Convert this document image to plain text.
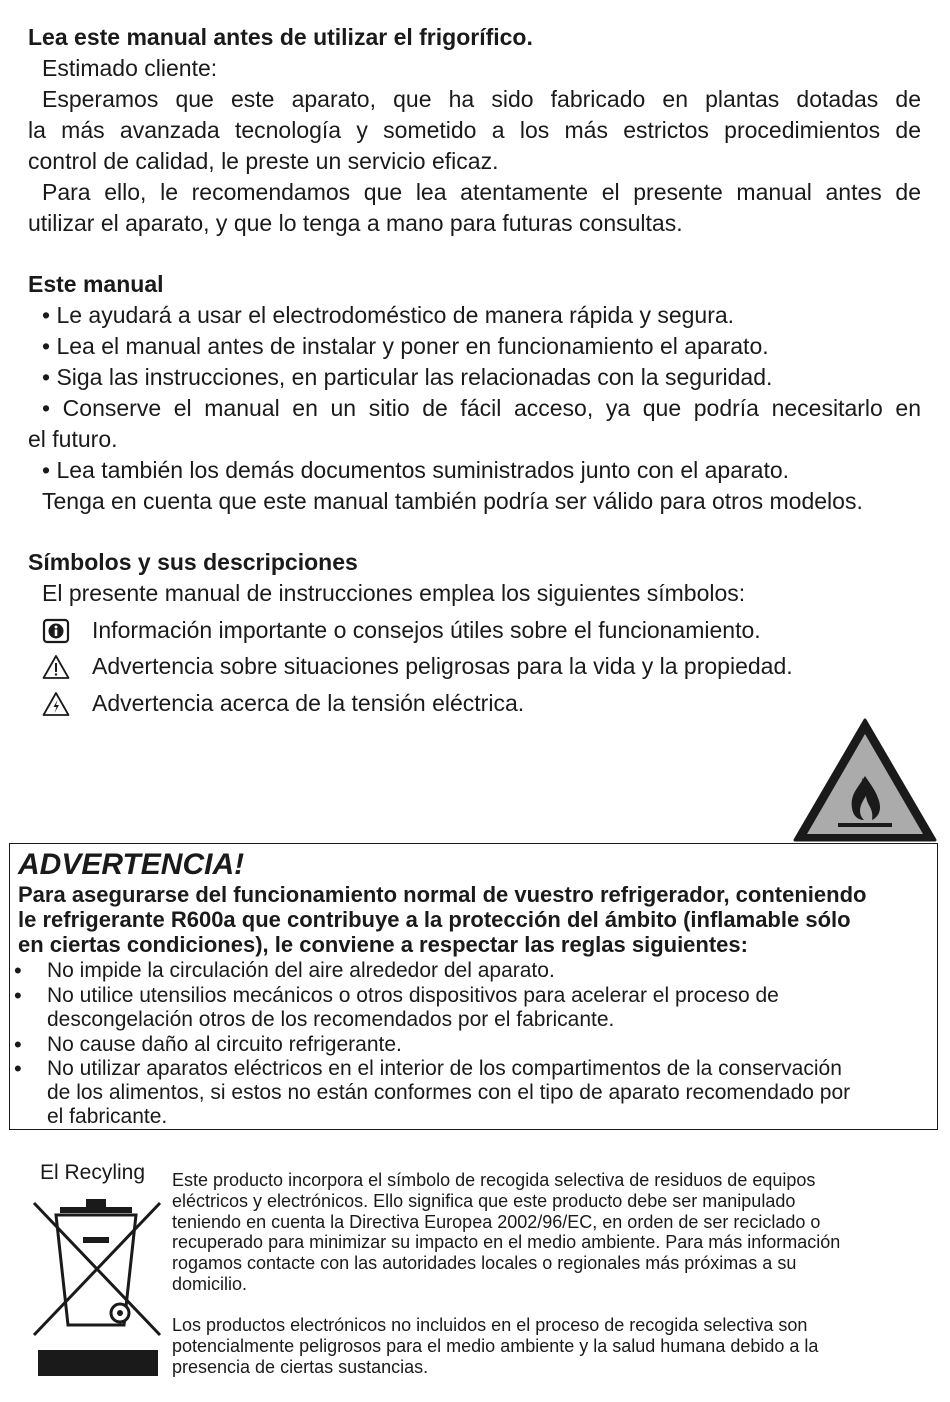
Lea este manual antes de utilizar el frigorífico.
Estimado cliente:
Esperamos que este aparato, que ha sido fabricado en plantas dotadas de
la más avanzada tecnología y sometido a los más estrictos procedimientos de
control de calidad, le preste un servicio eficaz.
Para ello, le recomendamos que lea atentamente el presente manual antes de
utilizar el aparato, y que lo tenga a mano para futuras consultas.
Este manual
• Le ayudará a usar el electrodoméstico de manera rápida y segura.
• Lea el manual antes de instalar y poner en funcionamiento el aparato.
• Siga las instrucciones, en particular las relacionadas con la seguridad.
• Conserve el manual en un sitio de fácil acceso, ya que podría necesitarlo en
el futuro.
• Lea también los demás documentos suministrados junto con el aparato.
Tenga en cuenta que este manual también podría ser válido para otros modelos.
Símbolos y sus descripciones
El presente manual de instrucciones emplea los siguientes símbolos:
Información importante o consejos útiles sobre el funcionamiento.
Advertencia sobre situaciones peligrosas para la vida y la propiedad.
Advertencia acerca de la tensión eléctrica.
ADVERTENCIA!
Para asegurarse del funcionamiento normal de vuestro refrigerador, conteniendo
le refrigerante R600a que contribuye a la protección del ámbito (inflamable sólo
en ciertas condiciones), le conviene a respectar las reglas siguientes:
• No impide la circulación del aire alrededor del aparato.
• No utilice utensilios mecánicos o otros dispositivos para acelerar el proceso de
descongelación otros de los recomendados por el fabricante.
• No cause daño al circuito refrigerante.
• No utilizar aparatos eléctricos en el interior de los compartimentos de la conservación
de los alimentos, si estos no están conformes con el tipo de aparato recomendado por
el fabricante.
El Recyling Este producto incorpora el símbolo de recogida selectiva de residuos de equipos
eléctricos y electrónicos. Ello significa que este producto debe ser manipulado
teniendo en cuenta la Directiva Europea 2002/96/EC, en orden de ser reciclado o
recuperado para minimizar su impacto en el medio ambiente. Para más información
rogamos contacte con las autoridades locales o regionales más próximas a su
domicilio.
Los productos electrónicos no incluidos en el proceso de recogida selectiva son
potencialmente peligrosos para el medio ambiente y la salud humana debido a la
presencia de ciertas sustancias.
